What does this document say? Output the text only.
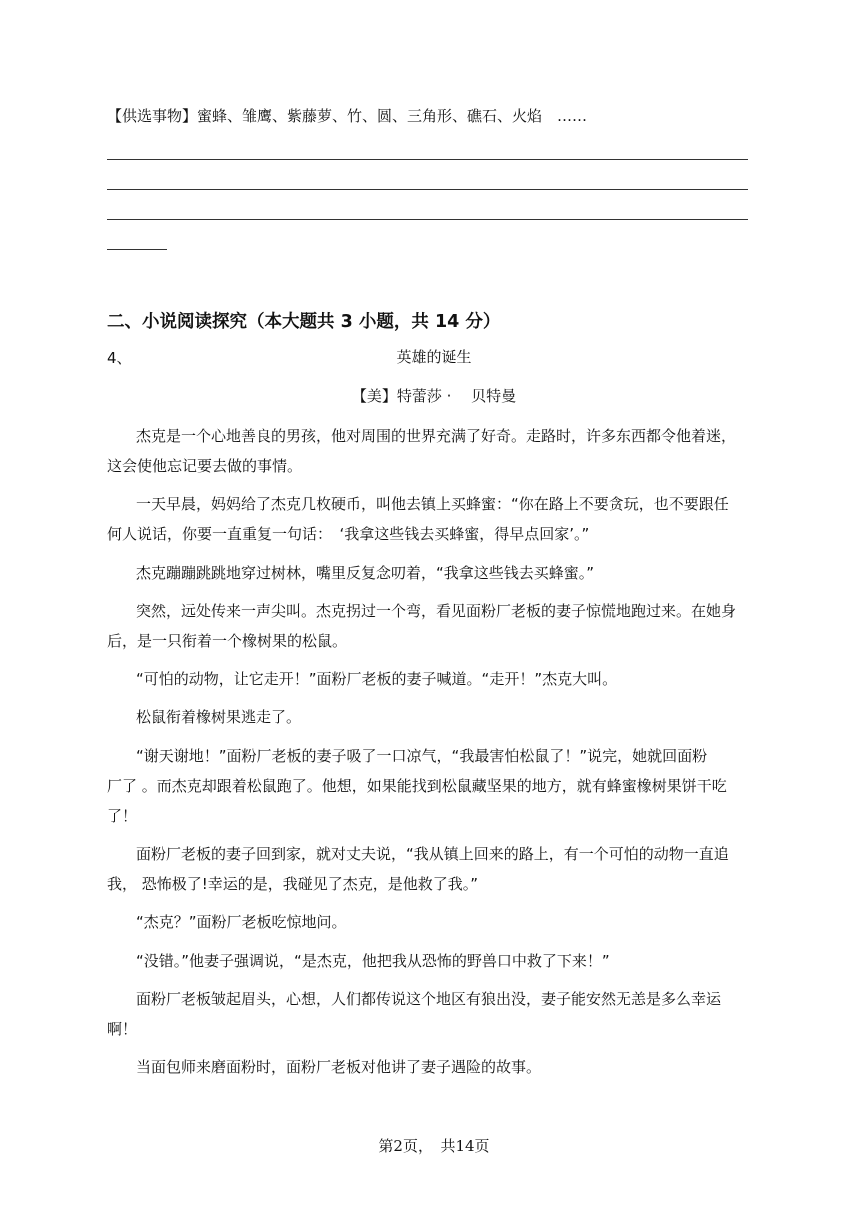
【供选事物】蜜蜂、雏鹰、紫藤萝、竹、圆、三角形、礁石、火焰　……
二、小说阅读探究（本大题共 3 小题，共 14 分）
4、	英雄的诞生
【美】特蕾莎 ·　 贝特曼
杰克是一个心地善良的男孩，他对周围的世界充满了好奇。走路时，许多东西都令他着迷，
这会使他忘记要去做的事情。
一天早晨，妈妈给了杰克几枚硬币，叫他去镇上买蜂蜜：“你在路上不要贪玩，也不要跟任
何人说话，你要一直重复一句话：　‘我拿这些钱去买蜂蜜，得早点回家’。”
杰克蹦蹦跳跳地穿过树林，嘴里反复念叨着，“我拿这些钱去买蜂蜜。”
突然，远处传来一声尖叫。杰克拐过一个弯，看见面粉厂老板的妻子惊慌地跑过来。在她身
后，是一只衔着一个橡树果的松鼠。
“可怕的动物，让它走开！”面粉厂老板的妻子喊道。“走开！”杰克大叫。
松鼠衔着橡树果逃走了。
“谢天谢地！”面粉厂老板的妻子吸了一口凉气，“我最害怕松鼠了！”说完，她就回面粉
厂了 。而杰克却跟着松鼠跑了。他想，如果能找到松鼠藏坚果的地方，就有蜂蜜橡树果饼干吃
了！
面粉厂老板的妻子回到家，就对丈夫说，“我从镇上回来的路上，有一个可怕的动物一直追
我， 恐怖极了!幸运的是，我碰见了杰克，是他救了我。”
“杰克？”面粉厂老板吃惊地问。
“没错。”他妻子强调说，“是杰克，他把我从恐怖的野兽口中救了下来！”
面粉厂老板皱起眉头，心想，人们都传说这个地区有狼出没，妻子能安然无恙是多么幸运
啊！
当面包师来磨面粉时，面粉厂老板对他讲了妻子遇险的故事。
第2页，　共14页
